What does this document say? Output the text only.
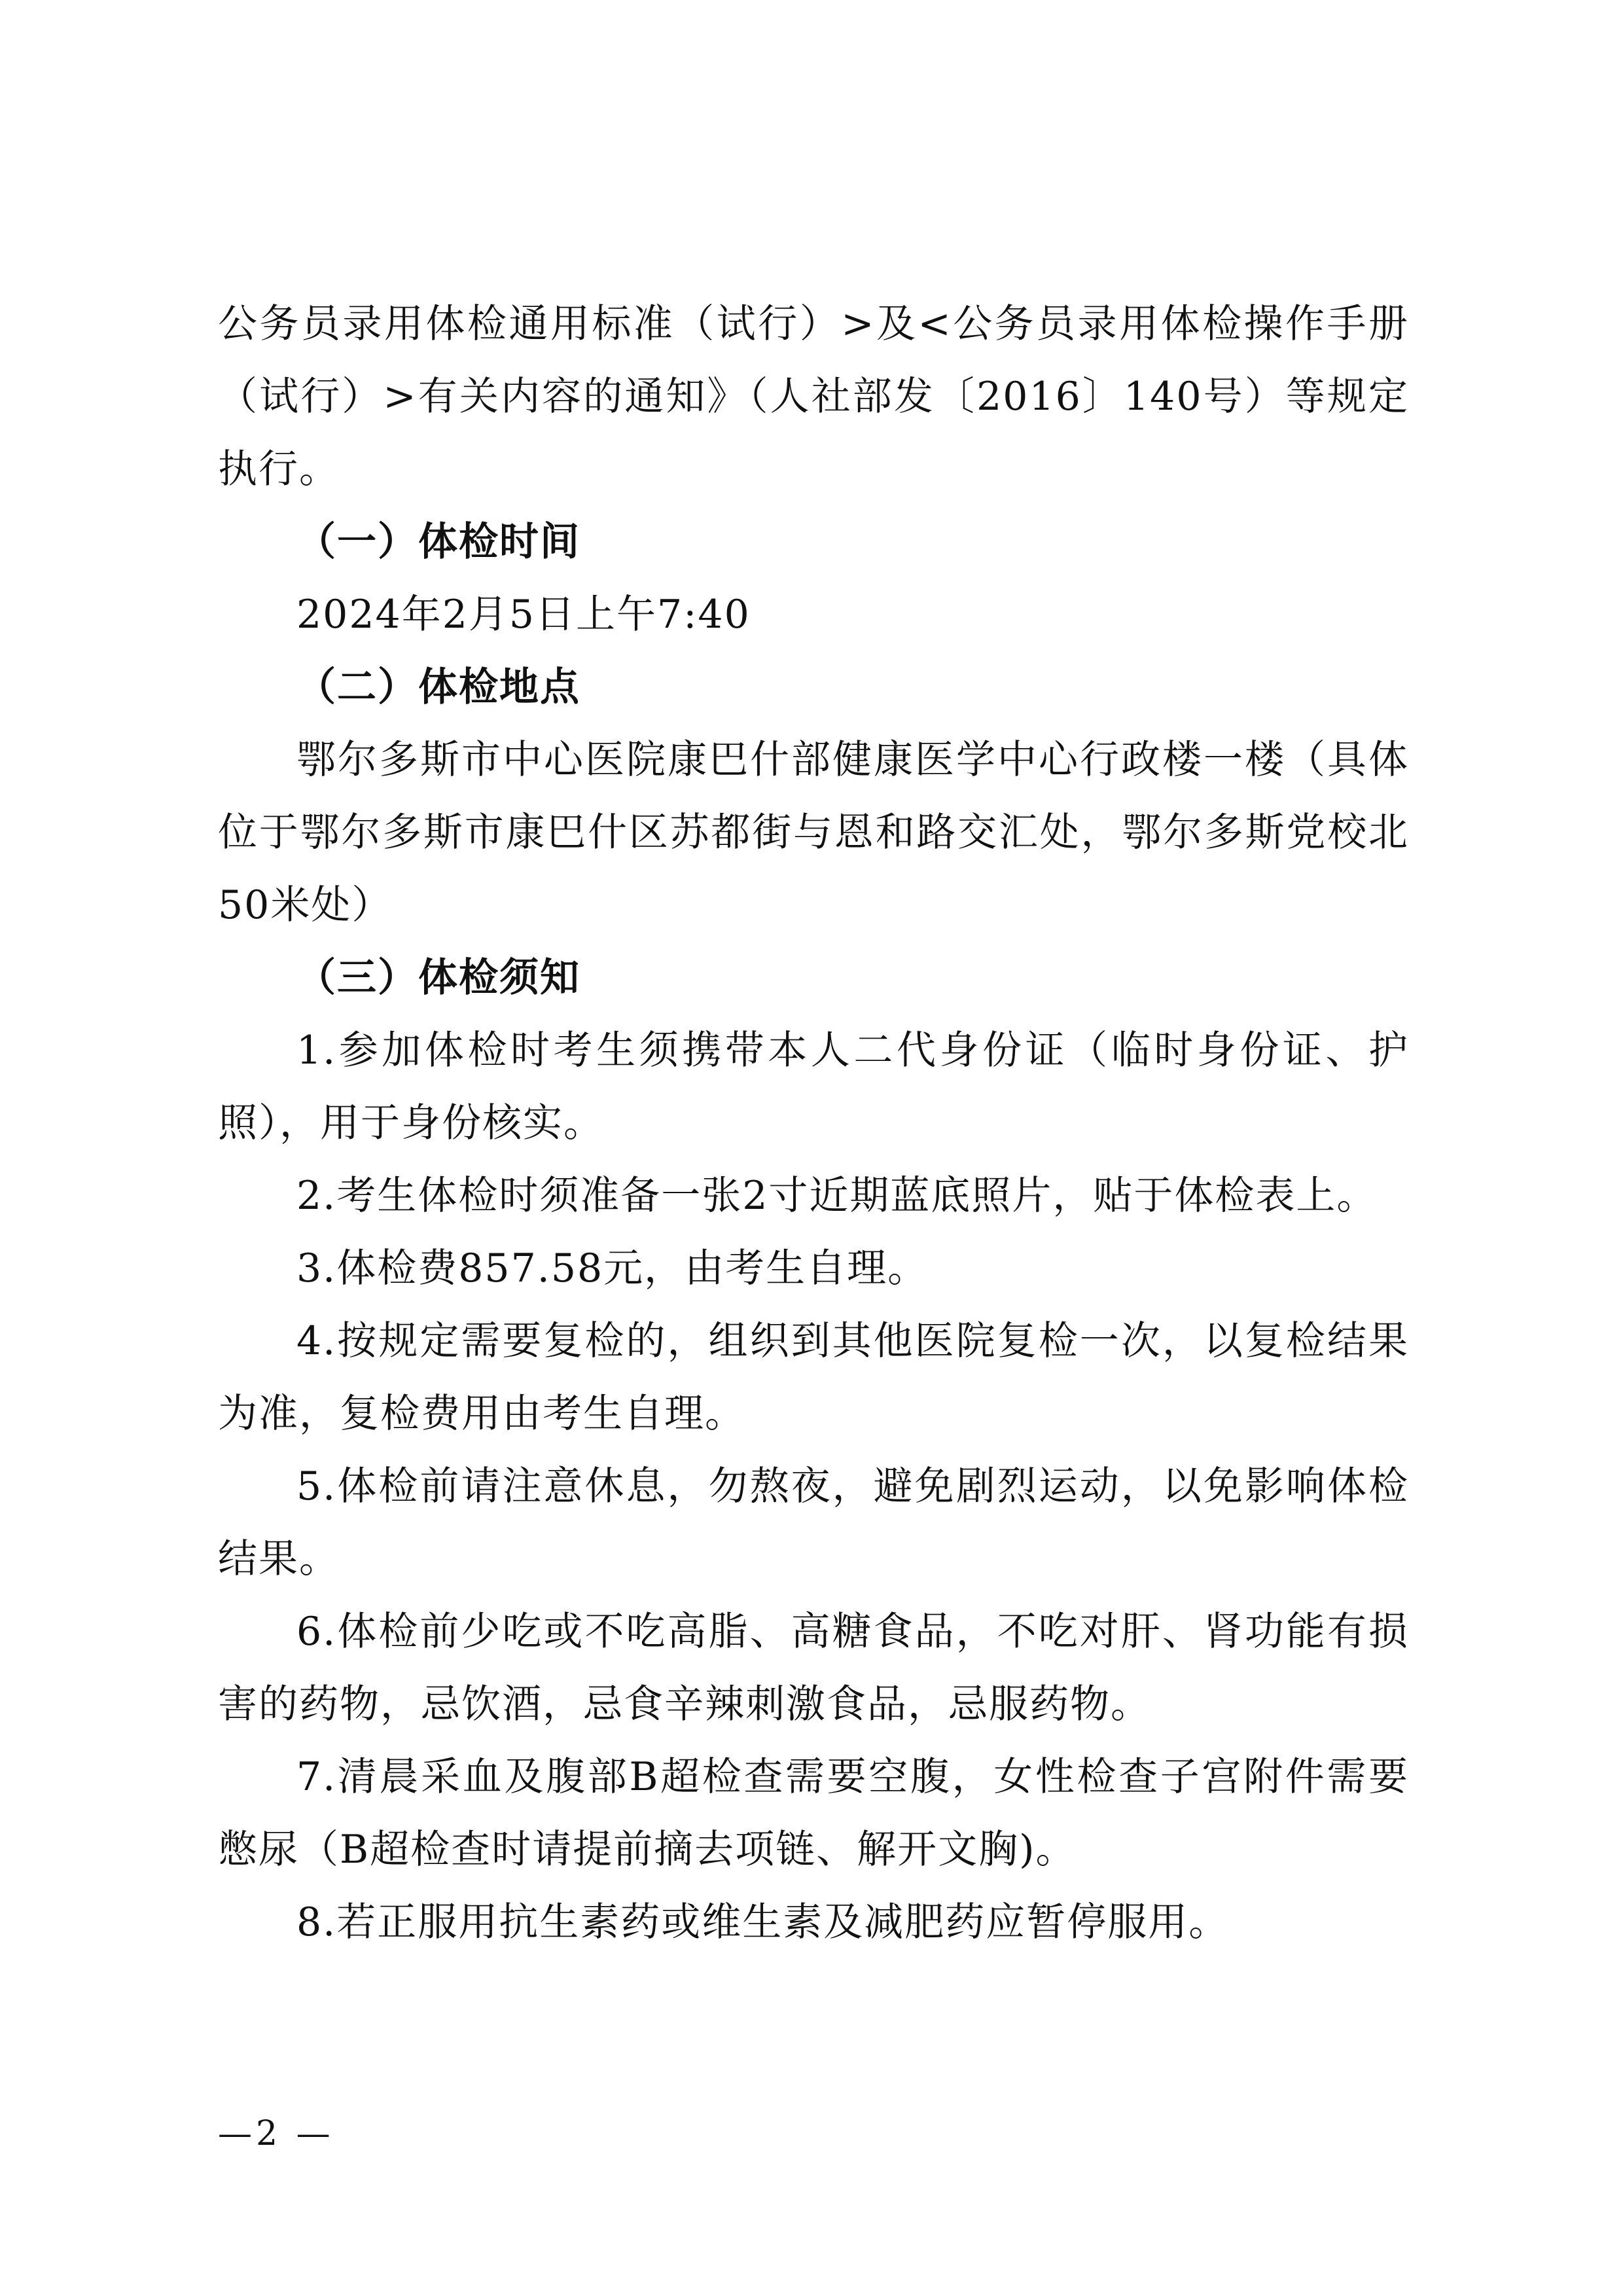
公务员录用体检通用标准（试行）>及<公务员录用体检操作手册（试行）>有关内容的通知》（人社部发〔2016〕140号）等规定执行。

（一）体检时间

2024年2月5日上午7:40

（二）体检地点

鄂尔多斯市中心医院康巴什部健康医学中心行政楼一楼（具体位于鄂尔多斯市康巴什区苏都街与恩和路交汇处，鄂尔多斯党校北50米处）

（三）体检须知

1.参加体检时考生须携带本人二代身份证（临时身份证、护照），用于身份核实。

2.考生体检时须准备一张2寸近期蓝底照片，贴于体检表上。

3.体检费857.58元，由考生自理。

4.按规定需要复检的，组织到其他医院复检一次，以复检结果为准，复检费用由考生自理。

5.体检前请注意休息，勿熬夜，避免剧烈运动，以免影响体检结果。

6.体检前少吃或不吃高脂、高糖食品，不吃对肝、肾功能有损害的药物，忌饮酒，忌食辛辣刺激食品，忌服药物。

7.清晨采血及腹部B超检查需要空腹，女性检查子宫附件需要憋尿（B超检查时请提前摘去项链、解开文胸)。

8.若正服用抗生素药或维生素及减肥药应暂停服用。

—2 —
